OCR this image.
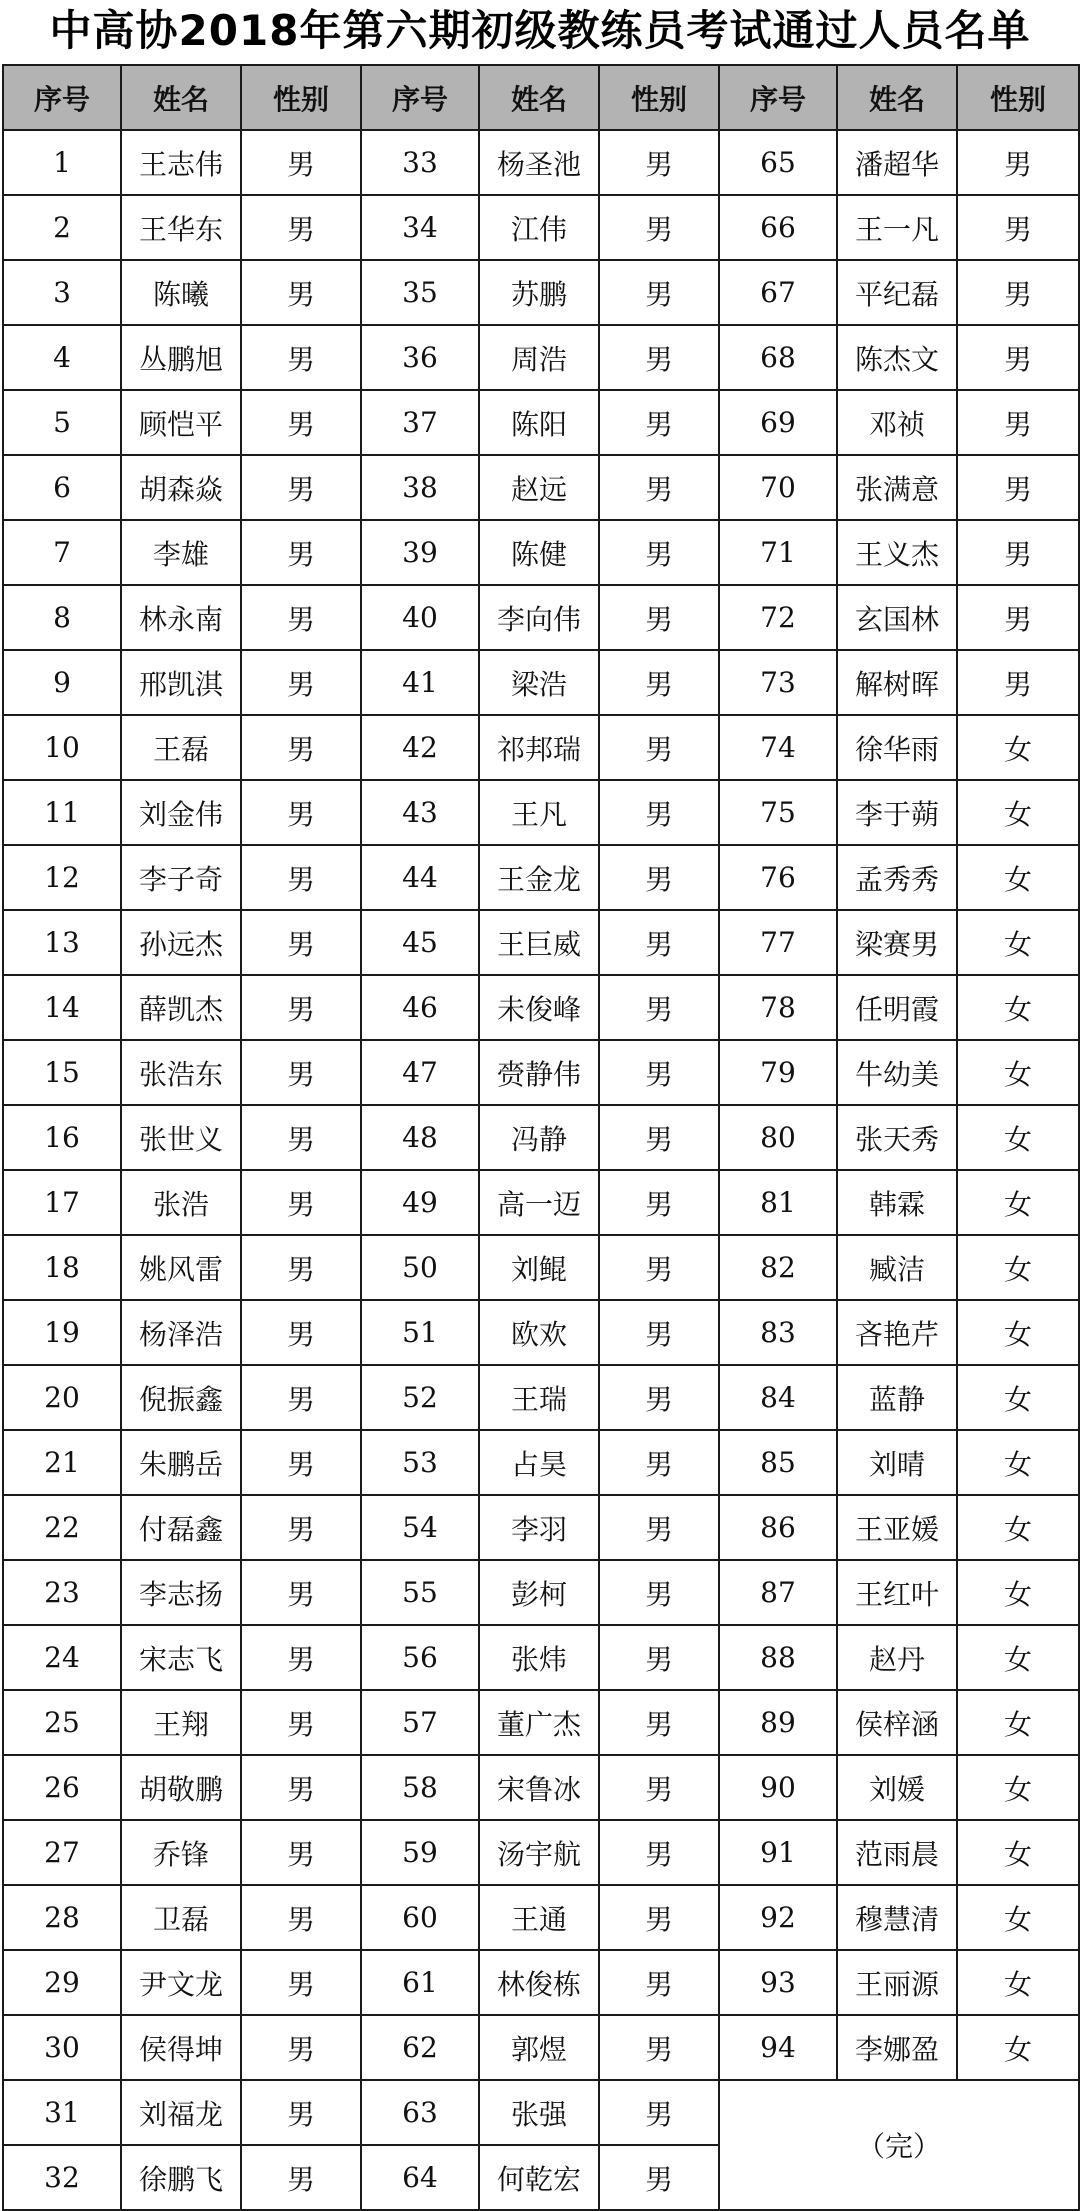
中高协2018年第六期初级教练员考试通过人员名单
序号	姓名	性别	序号	姓名	性别	序号	姓名	性别
1	王志伟	男	33	杨圣池	男	65	潘超华	男
2	王华东	男	34	江伟	男	66	王一凡	男
3	陈曦	男	35	苏鹏	男	67	平纪磊	男
4	丛鹏旭	男	36	周浩	男	68	陈杰文	男
5	顾恺平	男	37	陈阳	男	69	邓祯	男
6	胡森焱	男	38	赵远	男	70	张满意	男
7	李雄	男	39	陈健	男	71	王义杰	男
8	林永南	男	40	李向伟	男	72	玄国林	男
9	邢凯淇	男	41	梁浩	男	73	解树晖	男
10	王磊	男	42	祁邦瑞	男	74	徐华雨	女
11	刘金伟	男	43	王凡	男	75	李于蒴	女
12	李子奇	男	44	王金龙	男	76	孟秀秀	女
13	孙远杰	男	45	王巨威	男	77	梁赛男	女
14	薛凯杰	男	46	未俊峰	男	78	任明霞	女
15	张浩东	男	47	赍静伟	男	79	牛幼美	女
16	张世义	男	48	冯静	男	80	张天秀	女
17	张浩	男	49	高一迈	男	81	韩霖	女
18	姚风雷	男	50	刘鲲	男	82	臧洁	女
19	杨泽浩	男	51	欧欢	男	83	吝艳芹	女
20	倪振鑫	男	52	王瑞	男	84	蓝静	女
21	朱鹏岳	男	53	占昊	男	85	刘晴	女
22	付磊鑫	男	54	李羽	男	86	王亚媛	女
23	李志扬	男	55	彭柯	男	87	王红叶	女
24	宋志飞	男	56	张炜	男	88	赵丹	女
25	王翔	男	57	董广杰	男	89	侯梓涵	女
26	胡敬鹏	男	58	宋鲁冰	男	90	刘媛	女
27	乔锋	男	59	汤宇航	男	91	范雨晨	女
28	卫磊	男	60	王通	男	92	穆慧清	女
29	尹文龙	男	61	林俊栋	男	93	王丽源	女
30	侯得坤	男	62	郭煜	男	94	李娜盈	女
31	刘福龙	男	63	张强	男	（完）		
32	徐鹏飞	男	64	何乾宏	男			
